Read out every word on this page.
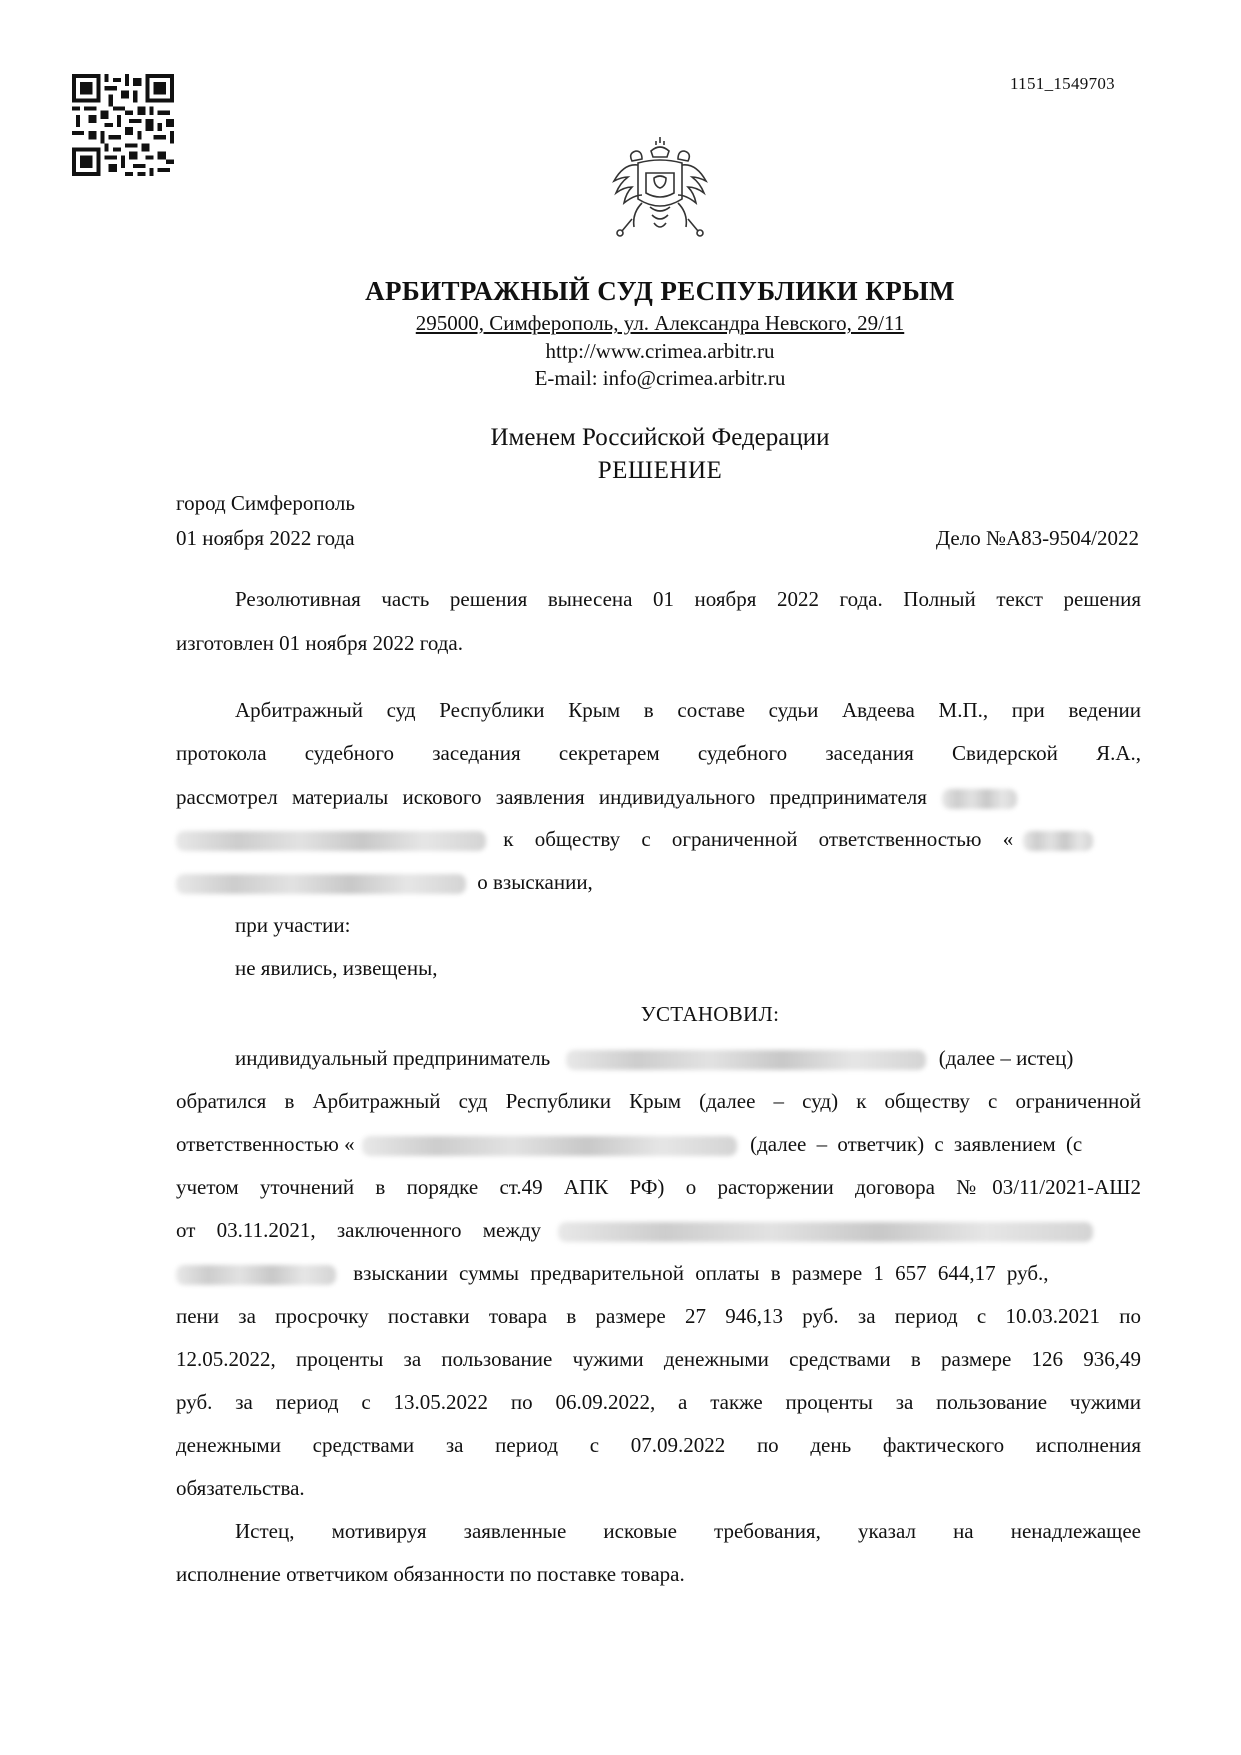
1151_1549703
АРБИТРАЖНЫЙ СУД РЕСПУБЛИКИ КРЫМ
295000, Симферополь, ул. Александра Невского, 29/11
http://www.crimea.arbitr.ru
E-mail: info@crimea.arbitr.ru
Именем Российской Федерации
РЕШЕНИЕ
город Симферополь
01 ноября 2022 года	Дело №А83-9504/2022
Резолютивная часть решения вынесена 01 ноября 2022 года. Полный текст решения
изготовлен 01 ноября 2022 года.
Арбитражный суд Республики Крым в составе судьи Авдеева М.П., при ведении
протокола судебного заседания секретарем судебного заседания Свидерской Я.А.,
рассмотрел материалы искового заявления индивидуального предпринимателя
к обществу с ограниченной ответственностью «
о взыскании,
при участии:
не явились, извещены,
УСТАНОВИЛ:
индивидуальный предприниматель	(далее – истец)
обратился в Арбитражный суд Республики Крым (далее – суд) к обществу с ограниченной
ответственностью «	(далее – ответчик) с заявлением (с
учетом уточнений в порядке ст.49 АПК РФ) о расторжении договора №03/11/2021-АШ2
от 03.11.2021, заключенного между
взыскании суммы предварительной оплаты в размере 1 657 644,17 руб.,
пени за просрочку поставки товара в размере 27 946,13 руб. за период с 10.03.2021 по
12.05.2022, проценты за пользование чужими денежными средствами в размере 126 936,49
руб. за период с 13.05.2022 по 06.09.2022, а также проценты за пользование чужими
денежными средствами за период с 07.09.2022 по день фактического исполнения
обязательства.
Истец, мотивируя заявленные исковые требования, указал на ненадлежащее
исполнение ответчиком обязанности по поставке товара.
